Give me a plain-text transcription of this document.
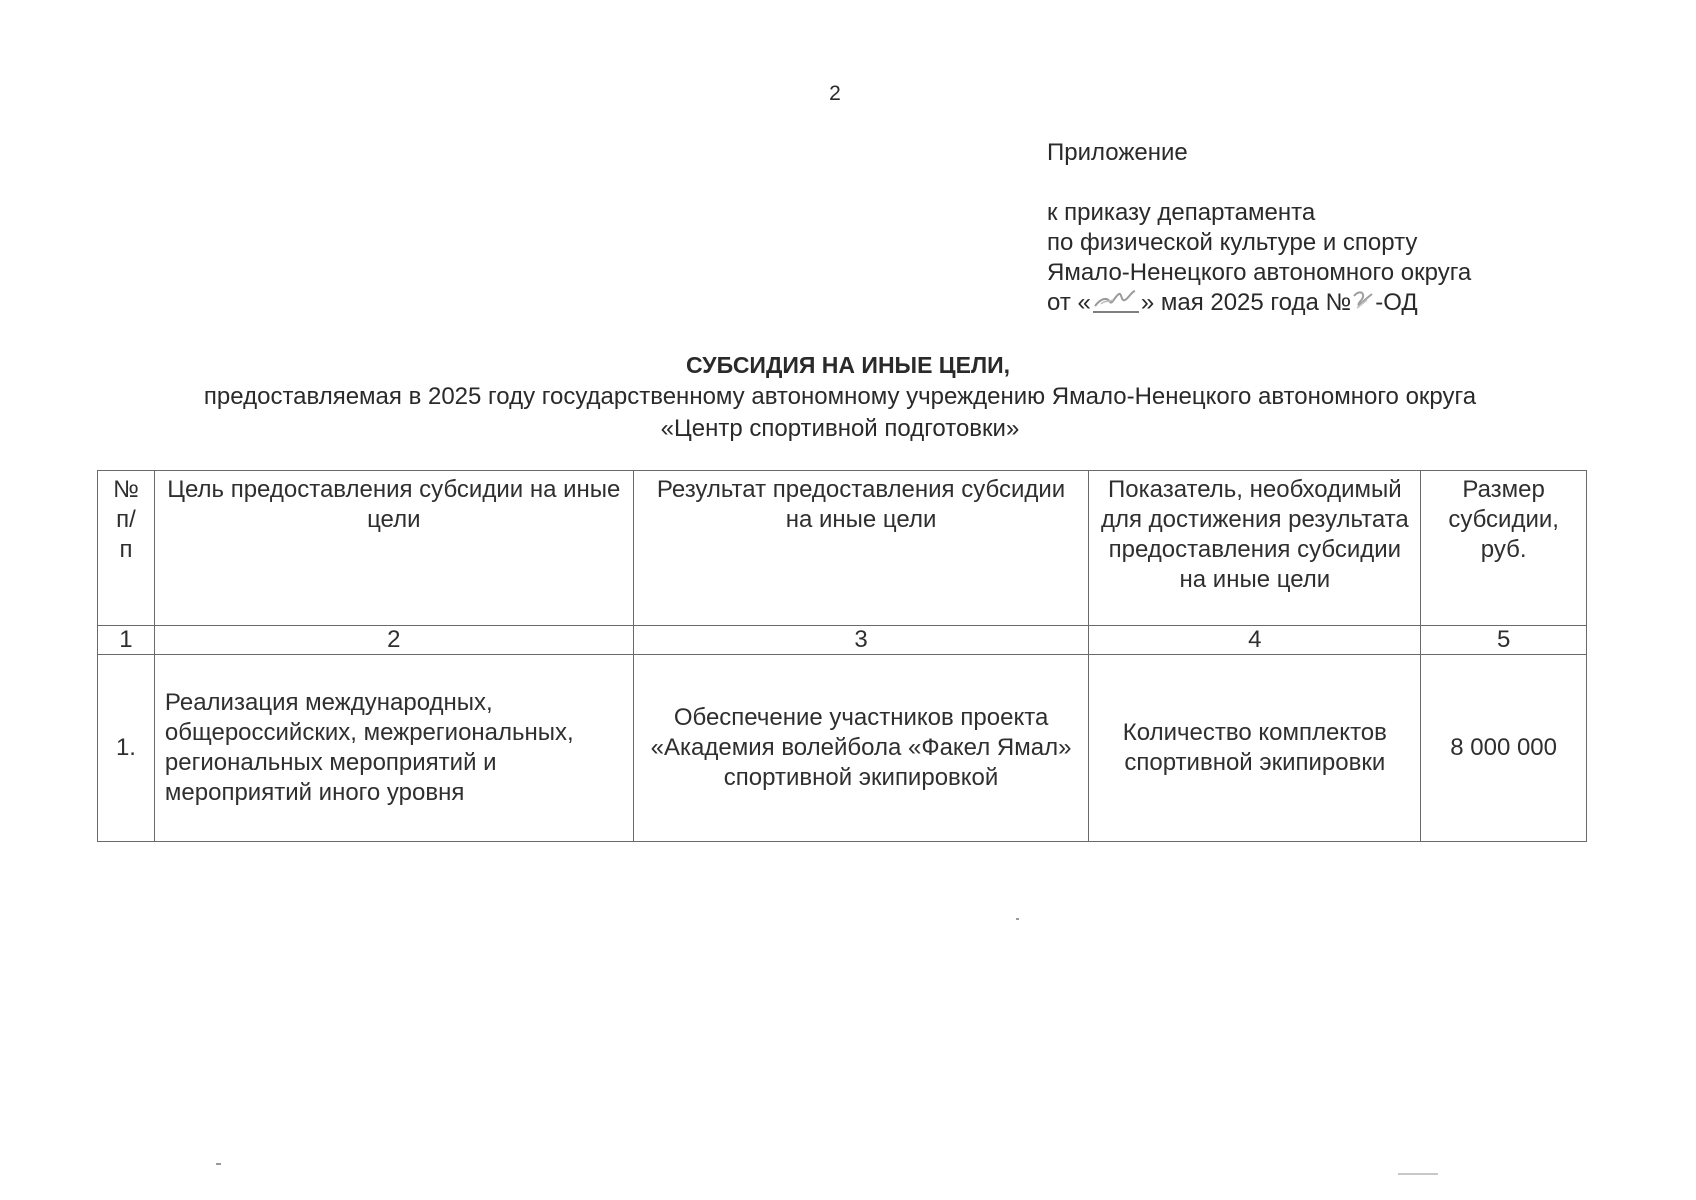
2
Приложение
к приказу департамента
по физической культуре и спорту
Ямало-Ненецкого автономного округа
от « » мая 2025 года № -ОД
СУБСИДИЯ НА ИНЫЕ ЦЕЛИ,
предоставляемая в 2025 году государственному автономному учреждению Ямало-Ненецкого автономного округа
«Центр спортивной подготовки»
№ п/ п	Цель предоставления субсидии на иные цели	Результат предоставления субсидии на иные цели	Показатель, необходимый для достижения результата предоставления субсидии на иные цели	Размер субсидии, руб.
1	2	3	4	5
1.	Реализация международных, общероссийских, межрегиональных, региональных мероприятий и мероприятий иного уровня	Обеспечение участников проекта «Академия волейбола «Факел Ямал» спортивной экипировкой	Количество комплектов спортивной экипировки	8 000 000
